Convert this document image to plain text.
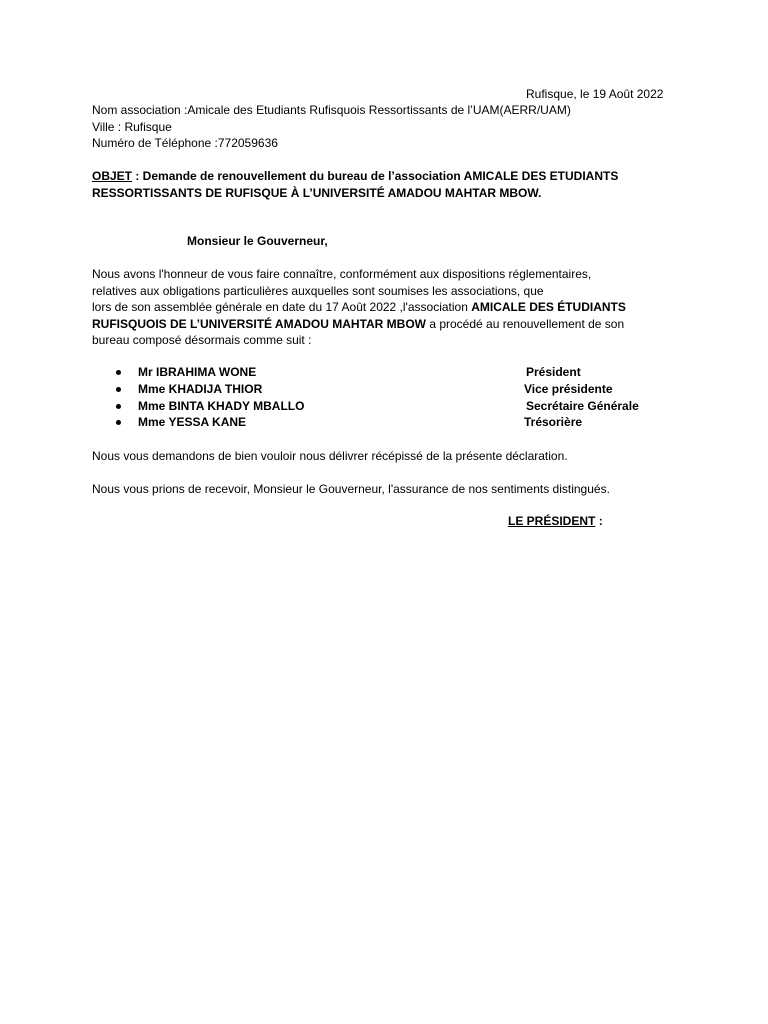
Rufisque, le 19 Août 2022
Nom association :Amicale des Etudiants Rufisquois Ressortissants de l’UAM(AERR/UAM)
Ville : Rufisque
Numéro de Téléphone :772059636
OBJET : Demande de renouvellement du bureau de l’association AMICALE DES ETUDIANTS
RESSORTISSANTS DE RUFISQUE À L’UNIVERSITÉ AMADOU MAHTAR MBOW.
Monsieur le Gouverneur,
Nous avons l'honneur de vous faire connaître, conformément aux dispositions réglementaires,
relatives aux obligations particulières auxquelles sont soumises les associations, que
lors de son assemblée générale en date du 17 Août 2022 ,l'association AMICALE DES ÉTUDIANTS
RUFISQUOIS DE L’UNIVERSITÉ AMADOU MAHTAR MBOW a procédé au renouvellement de son
bureau composé désormais comme suit :
Mr IBRAHIMA WONE	Président
Mme KHADIJA THIOR	Vice présidente
Mme BINTA KHADY MBALLO	Secrétaire Générale
Mme YESSA KANE	Trésorière
Nous vous demandons de bien vouloir nous délivrer récépissé de la présente déclaration.
Nous vous prions de recevoir, Monsieur le Gouverneur, l'assurance de nos sentiments distingués.
LE PRÉSIDENT :
